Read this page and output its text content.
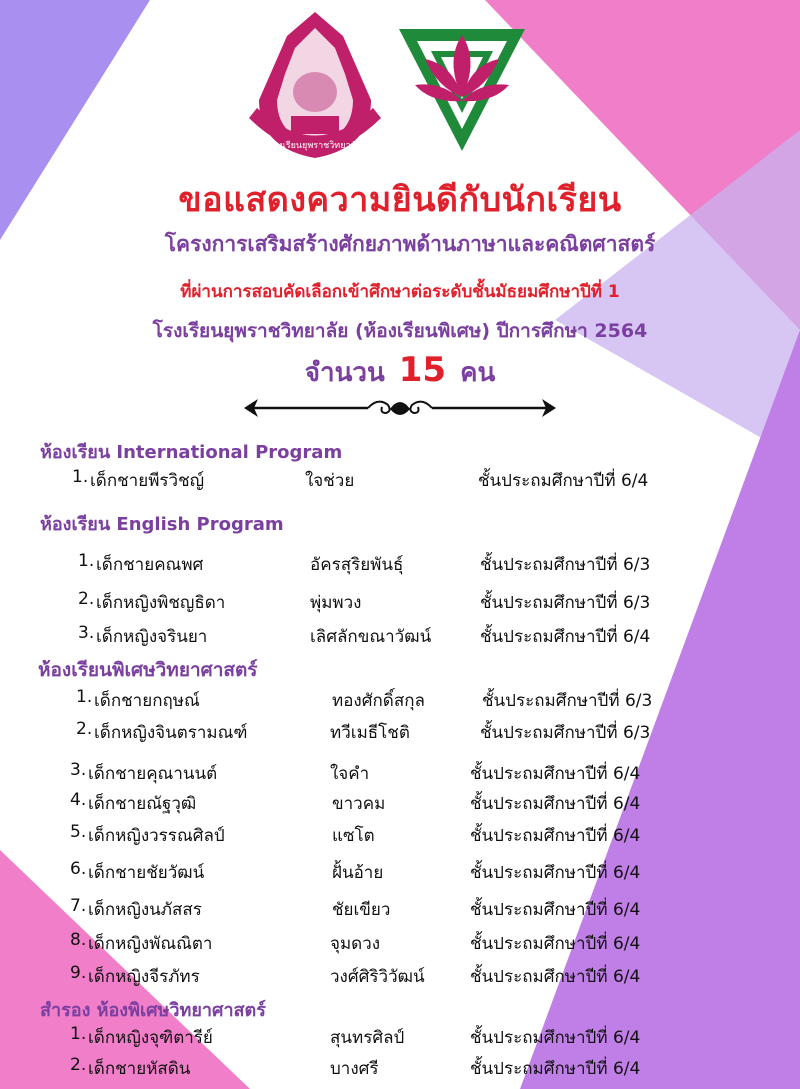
โรงเรียนยุพราชวิทยาลัย
ขอแสดงความยินดีกับนักเรียน
โครงการเสริมสร้างศักยภาพด้านภาษาและคณิตศาสตร์
ที่ผ่านการสอบคัดเลือกเข้าศึกษาต่อระดับชั้นมัธยมศึกษาปีที่ 1
โรงเรียนยุพราชวิทยาลัย (ห้องเรียนพิเศษ) ปีการศึกษา 2564
จำนวน 15 คน
ห้องเรียน International Program
1. เด็กชายพีรวิชญ์	ใจช่วย	ชั้นประถมศึกษาปีที่ 6/4
ห้องเรียน English Program
1. เด็กชายคณพศ	อัครสุริยพันธุ์	ชั้นประถมศึกษาปีที่ 6/3
2. เด็กหญิงพิชญธิดา	พุ่มพวง	ชั้นประถมศึกษาปีที่ 6/3
3. เด็กหญิงจรินยา	เลิศลักขณาวัฒน์	ชั้นประถมศึกษาปีที่ 6/4
ห้องเรียนพิเศษวิทยาศาสตร์
1. เด็กชายกฤษณ์	ทองศักดิ์สกุล	ชั้นประถมศึกษาปีที่ 6/3
2. เด็กหญิงจินตรามณฑ์	ทวีเมธีโชติ	ชั้นประถมศึกษาปีที่ 6/3
3. เด็กชายคุณานนต์	ใจคำ	ชั้นประถมศึกษาปีที่ 6/4
4. เด็กชายณัฐวุฒิ	ขาวคม	ชั้นประถมศึกษาปีที่ 6/4
5. เด็กหญิงวรรณศิลป์	แซโต	ชั้นประถมศึกษาปีที่ 6/4
6. เด็กชายชัยวัฒน์	ฝั้นอ้าย	ชั้นประถมศึกษาปีที่ 6/4
7. เด็กหญิงนภัสสร	ชัยเขียว	ชั้นประถมศึกษาปีที่ 6/4
8. เด็กหญิงพัณณิตา	จุมดวง	ชั้นประถมศึกษาปีที่ 6/4
9. เด็กหญิงจีรภัทร	วงศ์ศิริวิวัฒน์	ชั้นประถมศึกษาปีที่ 6/4
สำรอง ห้องพิเศษวิทยาศาสตร์
1. เด็กหญิงจุฑิตารีย์	สุนทรศิลป์	ชั้นประถมศึกษาปีที่ 6/4
2. เด็กชายหัสดิน	บางศรี	ชั้นประถมศึกษาปีที่ 6/4
